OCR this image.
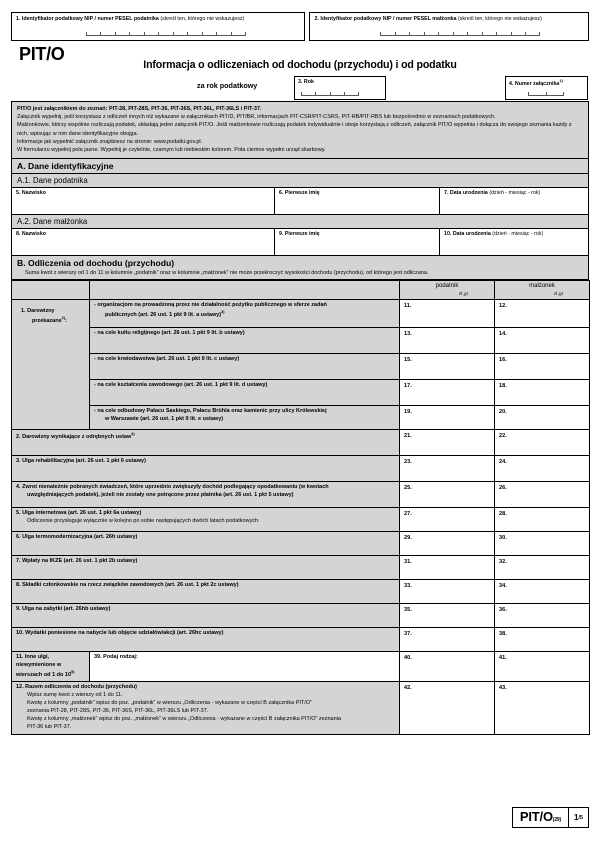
1. Identyfikator podatkowy NIP / numer PESEL podatnika (skreśl ten, którego nie wskazujesz)	2. Identyfikator podatkowy NIP / numer PESEL małżonka (skreśl ten, którego nie wskazujesz)
PIT/O
Informacja o odliczeniach od dochodu (przychodu) i od podatku
za rok podatkowy	3. Rok	4. Numer załącznika$^{1)}$

PIT/O jest załącznikiem do zeznań: PIT-28, PIT-28S, PIT-36, PIT-36S, PIT-36L, PIT-36LS i PIT-37.

Załącznik wypełnij, jeśli korzystasz z odliczeń innych niż wykazane w załącznikach PIT/D, PIT/BR, informacjach PIT-CSR/PIT-CSRS, PIT-RB/PIT-RBS lub bezpośrednio w zeznaniach podatkowych.

Małżonkowie, którzy wspólnie rozliczają podatek, składają jeden załącznik PIT/O. Jeśli małżonkowie rozliczają podatek indywidualnie i oboje korzystają z odliczeń, załącznik PIT/O wypełnia i dołącza do swojego zeznania każdy z nich, wpisując w nim dane identyfikacyjne obojga.

Informacje jak wypełnić załącznik znajdziesz na stronie: www.podatki.gov.pl.

W formularzu wypełnij pola jasne. Wypełnij je czytelnie, czarnym lub niebieskim kolorem. Pola ciemne wypełni urząd skarbowy.

A. Dane identyfikacyjne
A.1. Dane podatnika
5. Nazwisko	6. Pierwsze imię	7. Data urodzenia (dzień - miesiąc - rok)
A.2. Dane małżonka
8. Nazwisko	9. Pierwsze imię	10. Data urodzenia (dzień - miesiąc - rok)
B. Odliczenia od dochodu (przychodu)
Suma kwot z wierszy od 1 do 11 w kolumnie „podatnik” oraz w kolumnie „małżonek” nie może przekroczyć wysokości dochodu (przychodu), od którego jest odliczana.
		podatnik
zł,gr	małżonek
zł,gr

1. Darowizny

przekazane$^{2)}$:	- organizacjom na prowadzoną przez nie działalność pożytku publicznego w sferze zadań
publicznych (art. 26 ust. 1 pkt 9 lit. a ustawy)$^{3)}$	11.	12.

	- na cele kultu religijnego (art. 26 ust. 1 pkt 9 lit. b ustawy)	13.	14.

	- na cele krwiodawstwa (art. 26 ust. 1 pkt 9 lit. c ustawy)	15.	16.

	- na cele kształcenia zawodowego (art. 26 ust. 1 pkt 9 lit. d ustawy)	17.	18.

	- na cele odbudowy Pałacu Saskiego, Pałacu Brühla oraz kamienic przy ulicy Królewskiej
w Warszawie (art. 26 ust. 1 pkt 9 lit. e ustawy)	19.	20.
2. Darowizny wynikające z odrębnych ustaw$^{4)}$		21.	22.
3. Ulga rehabilitacyjna (art. 26 ust. 1 pkt 6 ustawy)		23.	24.

4. Zwrot nienależnie pobranych świadczeń, które uprzednio zwiększyły dochód podlegający opodatkowaniu (w kwotach
uwzględniających podatek), jeżeli nie zostały one potrącone przez płatnika (art. 26 ust. 1 pkt 5 ustawy)		25.	26.
5. Ulga internetowa (art. 26 ust. 1 pkt 6a ustawy)
Odliczenie przysługuje wyłącznie w kolejno po sobie następujących dwóch latach podatkowych.		27.	28.
6. Ulga termomodernizacyjna (art. 26h ustawy)		29.	30.
7. Wpłaty na IKZE (art. 26 ust. 1 pkt 2b ustawy)		31.	32.
8. Składki członkowskie na rzecz związków zawodowych (art. 26 ust. 1 pkt 2c ustawy)		33.	34.
9. Ulga na zabytki (art. 26hb ustawy)		35.	36.
10. Wydatki poniesione na nabycie lub objęcie udziałów/akcji (art. 26hc ustawy)		37.	38.
11. Inne ulgi, niewymienione w wierszach od 1 do 10$^{5)}$	39. Podaj rodzaj:	40.	41.
12. Razem odliczenia od dochodu (przychodu)
Wpisz sumę kwot z wierszy od 1 do 11.
Kwotę z kolumny „podatnik” wpisz do poz. „podatnik” w wierszu „Odliczenia - wykazane w części B załącznika PIT/O”
zeznania PIT-28, PIT-28S, PIT-36, PIT-36S, PIT-36L, PIT-36LS lub PIT-37.
Kwotę z kolumny „małżonek” wpisz do poz. „małżonek” w wierszu „Odliczenia - wykazane w części B załącznika PIT/O” zeznania
PIT-36 lub PIT-37.
	42.	43.
PIT/O(29)	1 /5
